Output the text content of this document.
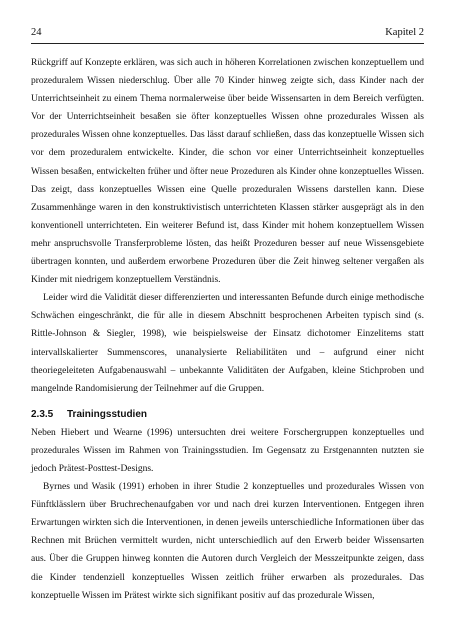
24	Kapitel 2

Rückgriff auf Konzepte erklären, was sich auch in höheren Korrelationen zwischen konzeptuellem und prozeduralem Wissen niederschlug. Über alle 70 Kinder hinweg zeigte sich, dass Kinder nach der Unterrichtseinheit zu einem Thema normalerweise über beide Wissensarten in dem Bereich verfügten. Vor der Unterrichtseinheit besaßen sie öfter konzeptuelles Wissen ohne prozedurales Wissen als prozedurales Wissen ohne konzeptuelles. Das lässt darauf schließen, dass das konzeptuelle Wissen sich vor dem prozeduralem entwickelte. Kinder, die schon vor einer Unterrichtseinheit konzeptuelles Wissen besaßen, entwickelten früher und öfter neue Prozeduren als Kinder ohne konzeptuelles Wissen. Das zeigt, dass konzeptuelles Wissen eine Quelle prozeduralen Wissens darstellen kann. Diese Zusammenhänge waren in den konstruktivistisch unterrichteten Klassen stärker ausgeprägt als in den konventionell unterrichteten. Ein weiterer Befund ist, dass Kinder mit hohem konzeptuellem Wissen mehr anspruchsvolle Transferprobleme lösten, das heißt Prozeduren besser auf neue Wissensgebiete übertragen konnten, und außerdem erworbene Prozeduren über die Zeit hinweg seltener vergaßen als Kinder mit niedrigem konzeptuellem Verständnis.

Leider wird die Validität dieser differenzierten und interessanten Befunde durch einige methodische Schwächen eingeschränkt, die für alle in diesem Abschnitt besprochenen Arbeiten typisch sind (s. Rittle-Johnson & Siegler, 1998), wie beispielsweise der Einsatz dichotomer Einzelitems statt intervallskalierter Summenscores, unanalysierte Reliabilitäten und – aufgrund einer nicht theoriegeleiteten Aufgabenauswahl – unbekannte Validitäten der Aufgaben, kleine Stichproben und mangelnde Randomisierung der Teilnehmer auf die Gruppen.

2.3.5	Trainingsstudien

Neben Hiebert und Wearne (1996) untersuchten drei weitere Forschergruppen konzeptuelles und prozedurales Wissen im Rahmen von Trainingsstudien. Im Gegensatz zu Erstgenannten nutzten sie jedoch Prätest-Posttest-Designs.

Byrnes und Wasik (1991) erhoben in ihrer Studie 2 konzeptuelles und prozedurales Wissen von Fünftklässlern über Bruchrechenaufgaben vor und nach drei kurzen Interventionen. Entgegen ihren Erwartungen wirkten sich die Interventionen, in denen jeweils unterschiedliche Informationen über das Rechnen mit Brüchen vermittelt wurden, nicht unterschiedlich auf den Erwerb beider Wissensarten aus. Über die Gruppen hinweg konnten die Autoren durch Vergleich der Messzeitpunkte zeigen, dass die Kinder tendenziell konzeptuelles Wissen zeitlich früher erwarben als prozedurales. Das konzeptuelle Wissen im Prätest wirkte sich signifikant positiv auf das prozedurale Wissen,
